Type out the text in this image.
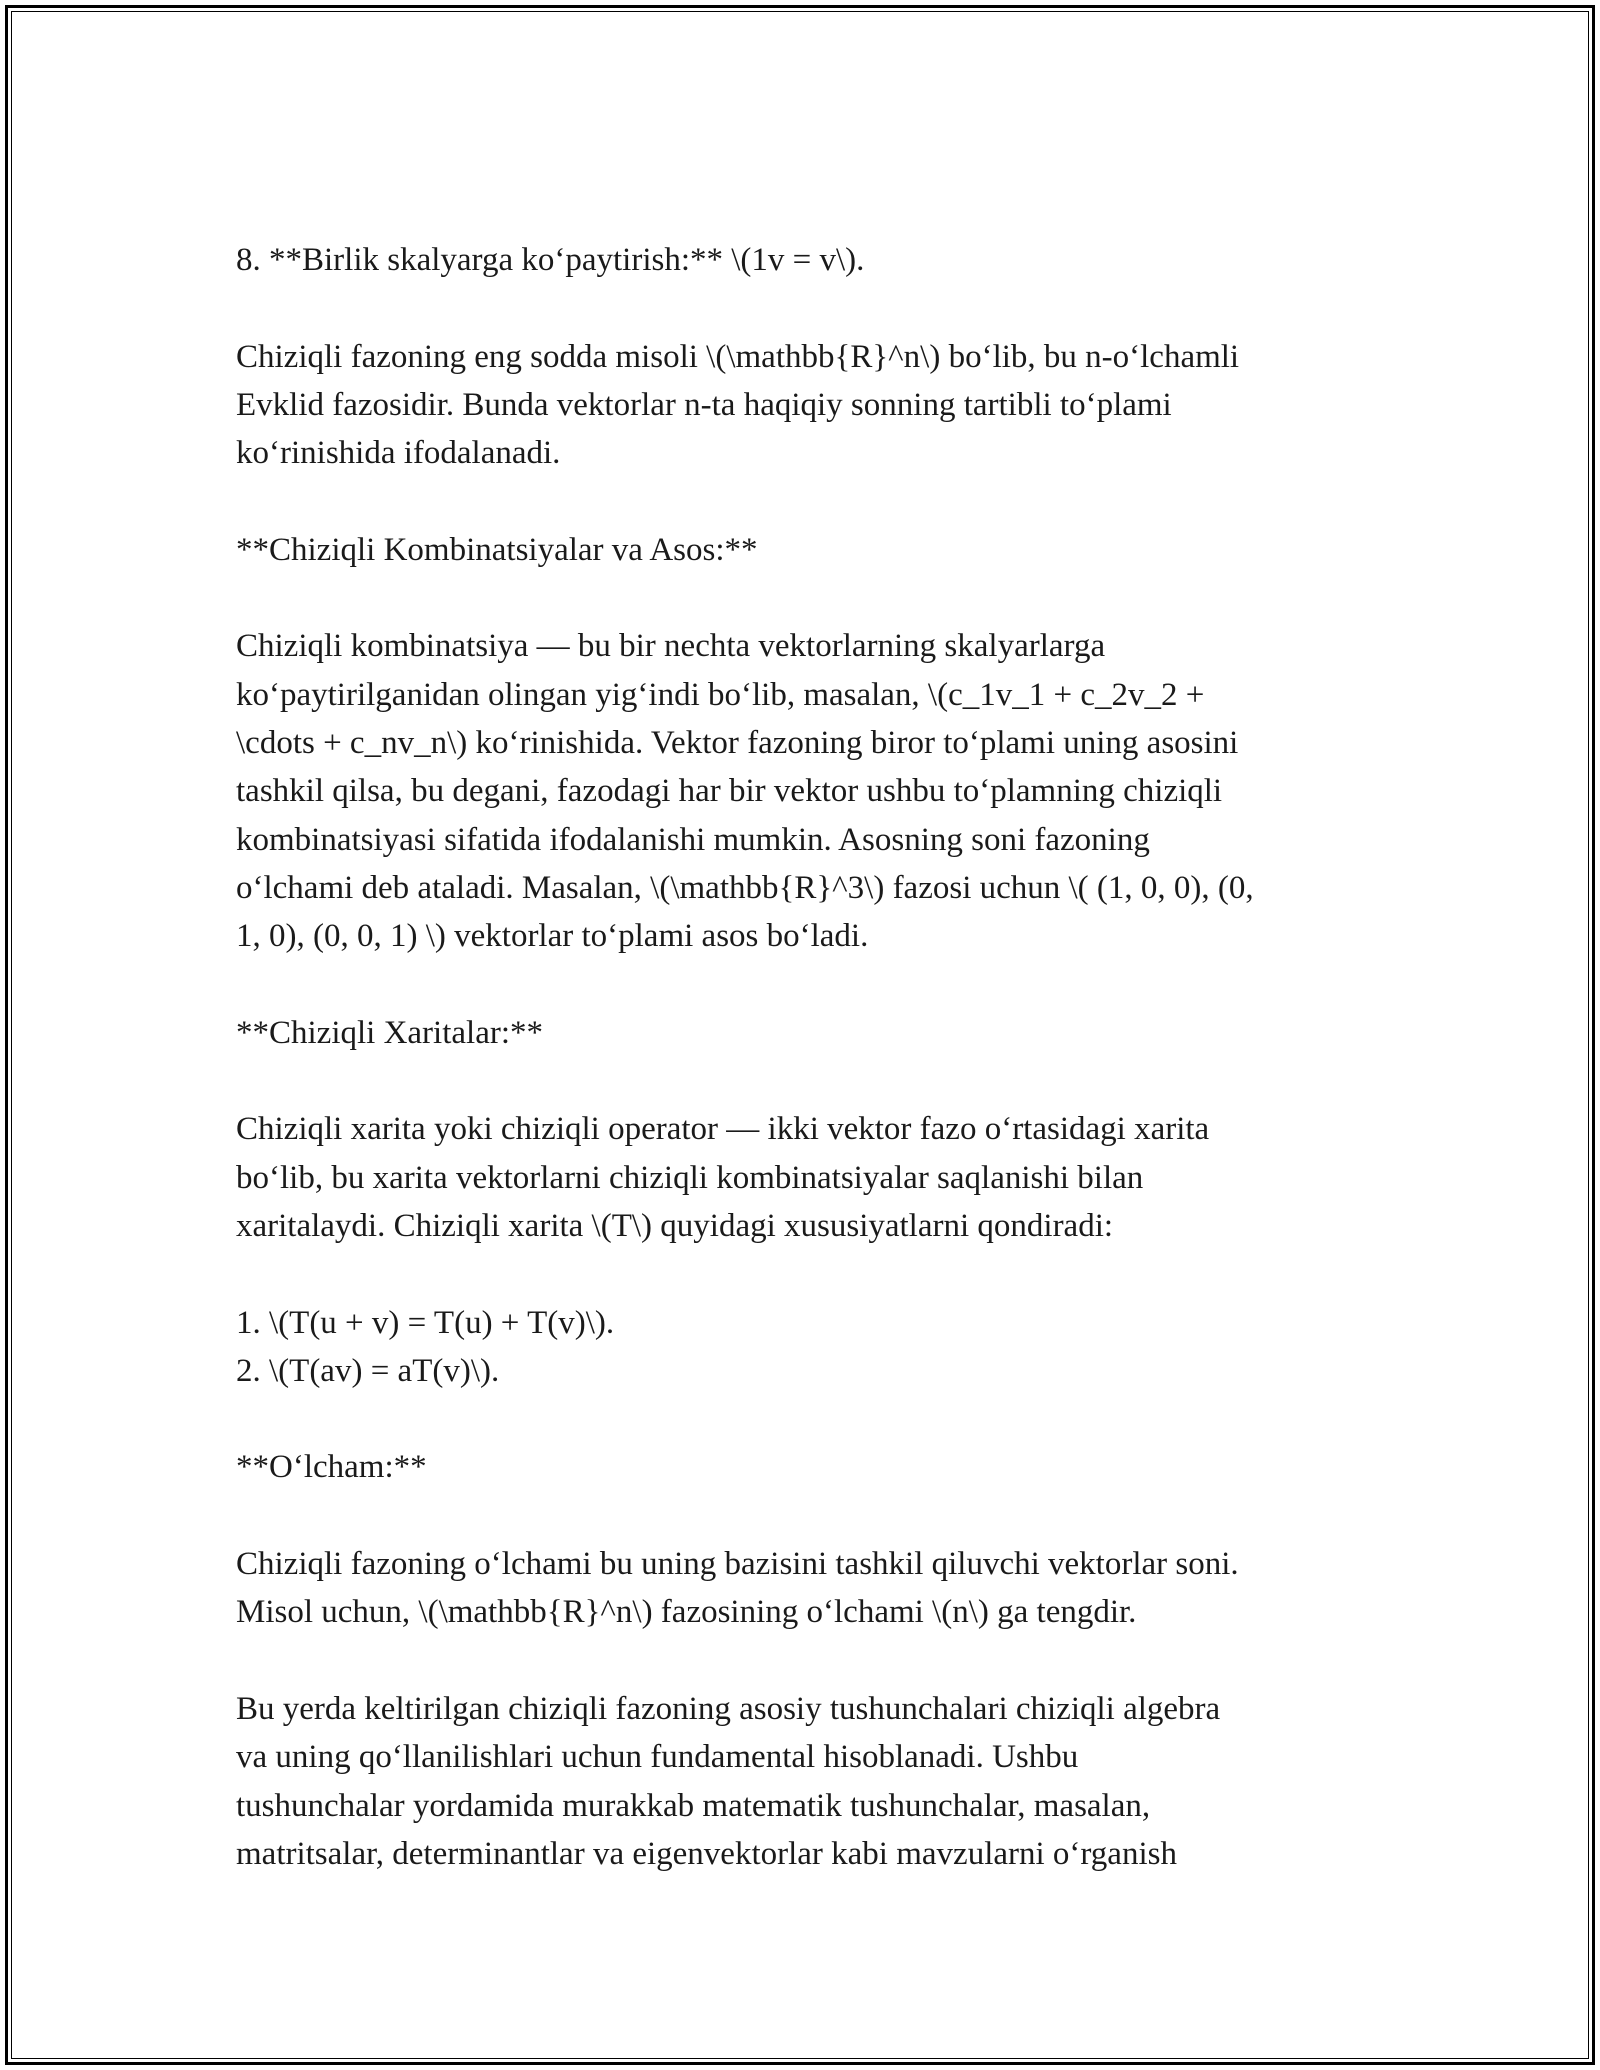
8. **Birlik skalyarga ko‘paytirish:** \(1v = v\).

Chiziqli fazoning eng sodda misoli \(\mathbb{R}^n\) bo‘lib, bu n-o‘lchamli
Evklid fazosidir. Bunda vektorlar n-ta haqiqiy sonning tartibli to‘plami
ko‘rinishida ifodalanadi.

**Chiziqli Kombinatsiyalar va Asos:**

Chiziqli kombinatsiya — bu bir nechta vektorlarning skalyarlarga
ko‘paytirilganidan olingan yig‘indi bo‘lib, masalan, \(c_1v_1 + c_2v_2 +
\cdots + c_nv_n\) ko‘rinishida. Vektor fazoning biror to‘plami uning asosini
tashkil qilsa, bu degani, fazodagi har bir vektor ushbu to‘plamning chiziqli
kombinatsiyasi sifatida ifodalanishi mumkin. Asosning soni fazoning
o‘lchami deb ataladi. Masalan, \(\mathbb{R}^3\) fazosi uchun \( (1, 0, 0), (0,
1, 0), (0, 0, 1) \) vektorlar to‘plami asos bo‘ladi.

**Chiziqli Xaritalar:**

Chiziqli xarita yoki chiziqli operator — ikki vektor fazo o‘rtasidagi xarita
bo‘lib, bu xarita vektorlarni chiziqli kombinatsiyalar saqlanishi bilan
xaritalaydi. Chiziqli xarita \(T\) quyidagi xususiyatlarni qondiradi:

1. \(T(u + v) = T(u) + T(v)\).

2. \(T(av) = aT(v)\).

**O‘lcham:**

Chiziqli fazoning o‘lchami bu uning bazisini tashkil qiluvchi vektorlar soni.
Misol uchun, \(\mathbb{R}^n\) fazosining o‘lchami \(n\) ga tengdir.

Bu yerda keltirilgan chiziqli fazoning asosiy tushunchalari chiziqli algebra
va uning qo‘llanilishlari uchun fundamental hisoblanadi. Ushbu
tushunchalar yordamida murakkab matematik tushunchalar, masalan,
matritsalar, determinantlar va eigenvektorlar kabi mavzularni o‘rganish
